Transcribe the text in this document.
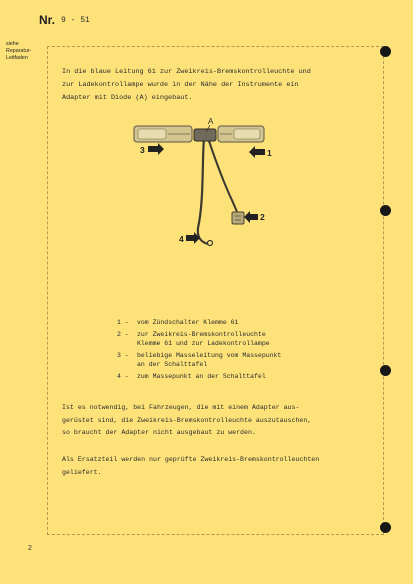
Nr. 9 - 51
siehe
Reparatur-
Leitfaden
In die blaue Leitung 61 zur Zweikreis-Bremskontrolleuchte und
zur Ladekontrollampe wurde in der Nähe der Instrumente ein
Adapter mit Diode (A) eingebaut.
A
3	1
2
4
1 -	vom Zündschalter Klemme 61
2 -	zur Zweikreis-Bremskontrolleuchte
Klemme 61 und zur Ladekontrollampe
3 -	beliebige Masseleitung vom Massepunkt
an der Schalttafel
4 -	zum Massepunkt an der Schalttafel
Ist es notwendig, bei Fahrzeugen, die mit einem Adapter aus-
gerüstet sind, die Zweikreis-Bremskontrolleuchte auszutauschen,
so braucht der Adapter nicht ausgebaut zu werden.
Als Ersatzteil werden nur geprüfte Zweikreis-Bremskontrolleuchten
geliefert.
2
